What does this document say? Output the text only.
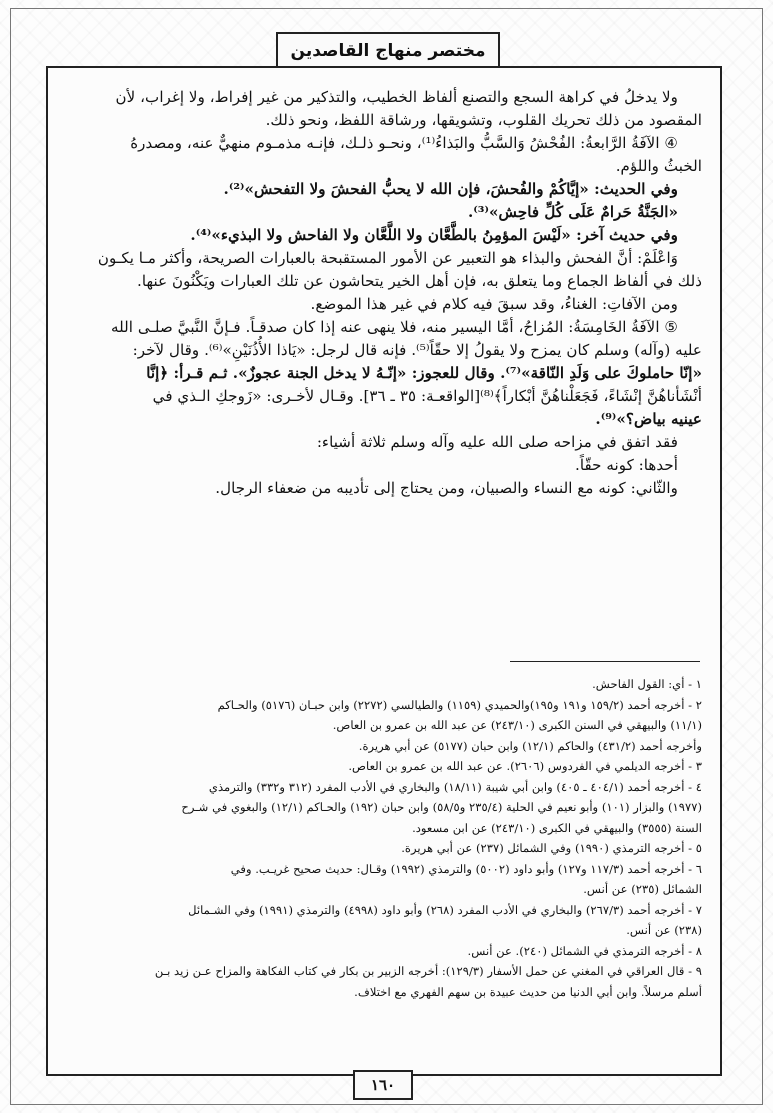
مختصر منهاج القاصدين
ولا يدخلُ في كراهة السجع والتصنع ألفاظ الخطيب، والتذكير من غير إفراط، ولا إغراب، لأن
المقصود من ذلك تحريك القلوب، وتشويقها، ورشاقة اللفظ، ونحو ذلك.
④ الآفَةُ الرَّابعةُ: الفُحْشُ وَالسَّبُّ والبَذاءُ⁽¹⁾، ونحـو ذلـك، فإنـه مذمـوم منهيٌّ عنه، ومصدرهُ
الخبثُ واللؤم.
وفي الحديث: «إيَّاكُمْ والفُحشَ، فإن الله لا يحبُّ الفحشَ ولا التفحش»⁽²⁾.
«الجَنَّةُ حَرامٌ عَلَى كُلِّ فاحِش»⁽³⁾.
وفي حديث آخر: «لَيْسَ المؤمِنُ بالطَّعَّان ولا اللَّعَّان ولا الفاحش ولا البذيء»⁽⁴⁾.
وَاعْلَمْ: أنَّ الفحش والبذاء هو التعبير عن الأمور المستقبحة بالعبارات الصريحة، وأكثر مـا يكـون
ذلك في ألفاظ الجماع وما يتعلق به، فإن أهل الخير يتحاشون عن تلك العبارات ويَكْنُونَ عنها.
ومن الآفاتِ: الغناءُ، وقد سبقَ فيه كلام في غير هذا الموضع.
⑤ الآفَةُ الخَامِسَةُ: المُزاحُ، أمَّا اليسير منه، فلا ينهى عنه إذا كان صدقـاً. فـإنَّ النَّبيَّ صلـى الله
عليه (وآله) وسلم كان يمزح ولا يقولُ إلا حقّاً⁽⁵⁾. فإنه قال لرجل: «يَاذا الأُذُنَيْنِ»⁽⁶⁾. وقال لآخر:
«إنّا حاملوكَ على وَلَدِ النّاقة»⁽⁷⁾. وقال للعجوز: «إنّـهُ لا يدخل الجنة عجوزٌ». ثـم قـرأ: ﴿إنَّا
أنْشَأناهُنَّ إنْشَاءً، فَجَعَلْناهُنَّ أبْكاراً﴾⁽⁸⁾[الواقعـة: ٣٥ ـ ٣٦]. وقـال لأخـرى: «زَوجكِ الـذي في
عينيه بياض؟»⁽⁹⁾.
فقد اتفق في مزاحه صلى الله عليه وآله وسلم ثلاثة أشياء:
أحدها: كونه حقّاً.
والثّاني: كونه مع النساء والصبيان، ومن يحتاج إلى تأديبه من ضعفاء الرجال.
١ - أي: القول الفاحش.
٢ - أخرجه أحمد (١٥٩/٢ و١٩١ و١٩٥)والحميدي (١١٥٩) والطيالسي (٢٢٧٢) وابن حبـان (٥١٧٦) والحـاكم
(١١/١) والبيهقي في السنن الكبرى (٢٤٣/١٠) عن عبد الله بن عمرو بن العاص.
وأخرجه أحمد (٤٣١/٢) والحاكم (١٢/١) وابن حبان (٥١٧٧) عن أبي هريرة.
٣ - أخرجه الديلمي في الفردوس (٢٦٠٦). عن عبد الله بن عمرو بن العاص.
٤ - أخرجه أحمد (٤٠٤/١ ـ ٤٠٥) وابن أبي شيبة (١٨/١١) والبخاري في الأدب المفرد (٣١٢ و٣٣٢) والترمذي
(١٩٧٧) والبزار (١٠١) وأبو نعيم في الحلية (٢٣٥/٤ و٥٨/٥) وابن حبان (١٩٢) والحـاكم (١٢/١) والبغوي في شـرح
السنة (٣٥٥٥) والبيهقي في الكبرى (٢٤٣/١٠) عن ابن مسعود.
٥ - أخرجه الترمذي (١٩٩٠) وفي الشمائل (٢٣٧) عن أبي هريرة.
٦ - أخرجه أحمد (١١٧/٣ و١٢٧) وأبو داود (٥٠٠٢) والترمذي (١٩٩٢) وقـال: حديث صحيح غريـب. وفي
الشمائل (٢٣٥) عن أنس.
٧ - أخرجه أحمد (٢٦٧/٣) والبخاري في الأدب المفرد (٢٦٨) وأبو داود (٤٩٩٨) والترمذي (١٩٩١) وفي الشـمائل
(٢٣٨) عن أنس.
٨ - أخرجه الترمذي في الشمائل (٢٤٠). عن أنس.
٩ - قال العراقي في المغني عن حمل الأسفار (١٢٩/٣): أخرجه الزبير بن بكار في كتاب الفكاهة والمزاح عـن زيد بـن
أسلم مرسلاً. وابن أبي الدنيا من حديث عبيدة بن سهم الفهري مع اختلاف.
١٦٠
